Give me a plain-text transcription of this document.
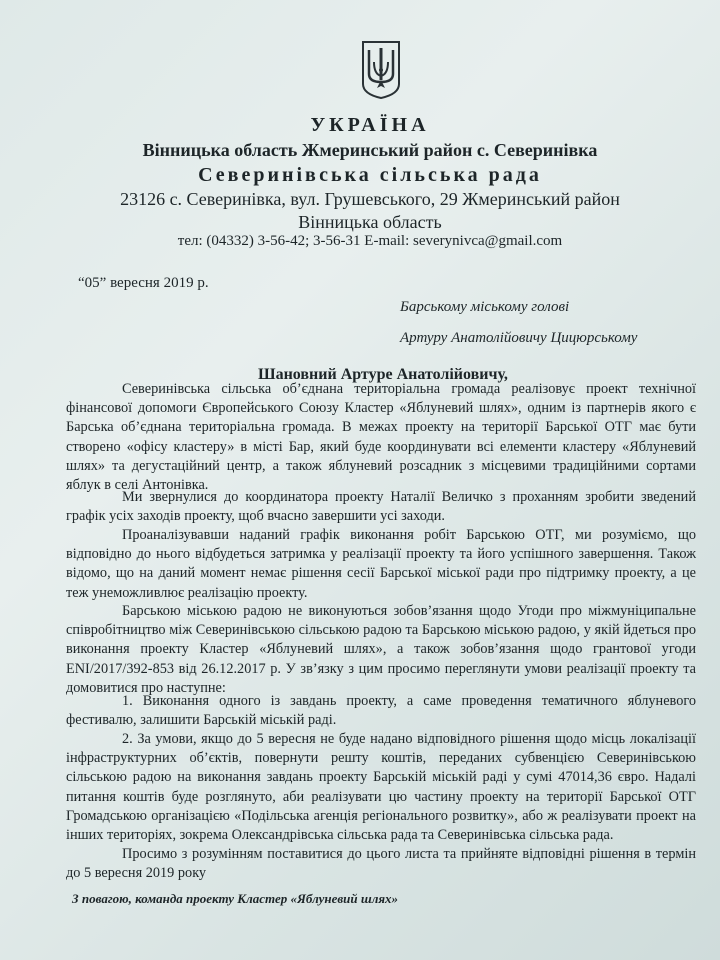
УКРАЇНА
Вінницька область Жмеринський район с. Северинівка
Северинівська сільська рада
23126 с. Северинівка, вул. Грушевського, 29 Жмеринський район
Вінницька область
тел: (04332) 3-56-42; 3-56-31 E-mail: severynivca@gmail.com
“05” вересня 2019 р.
Барському міському голові
Артуру Анатолійовичу Цицюрському
Шановний Артуре Анатолійовичу,
Северинівська сільська об’єднана територіальна громада реалізовує проект технічної фінансової допомоги Європейського Союзу Кластер «Яблуневий шлях», одним із партнерів якого є Барська об’єднана територіальна громада. В межах проекту на території Барської ОТГ має бути створено «офісу кластеру» в місті Бар, який буде координувати всі елементи кластеру «Яблуневий шлях» та дегустаційний центр, а також яблуневий розсадник з місцевими традиційними сортами яблук в селі Антонівка.
Ми звернулися до координатора проекту Наталії Величко з проханням зробити зведений графік усіх заходів проекту, щоб вчасно завершити усі заходи.
Проаналізувавши наданий графік виконання робіт Барською ОТГ, ми розуміємо, що відповідно до нього відбудеться затримка у реалізації проекту та його успішного завершення. Також відомо, що на даний момент немає рішення сесії Барської міської ради про підтримку проекту, а це теж унеможливлює реалізацію проекту.
Барською міською радою не виконуються зобов’язання щодо Угоди про міжмуніципальне співробітництво між Северинівською сільською радою та Барською міською радою, у якій йдеться про виконання проекту Кластер «Яблуневий шлях», а також зобов’язання щодо грантової угоди ENI/2017/392-853 від 26.12.2017 р. У зв’язку з цим просимо переглянути умови реалізації проекту та домовитися про наступне:
1. Виконання одного із завдань проекту, а саме проведення тематичного яблуневого фестивалю, залишити Барській міській раді.
2. За умови, якщо до 5 вересня не буде надано відповідного рішення щодо місць локалізації інфраструктурних об’єктів, повернути решту коштів, переданих субвенцією Северинівською сільською радою на виконання завдань проекту Барській міській раді у сумі 47014,36 євро. Надалі питання коштів буде розглянуто, аби реалізувати цю частину проекту на території Барської ОТГ Громадською організацією «Подільська агенція регіонального розвитку», або ж реалізувати проект на інших територіях, зокрема Олександрівська сільська рада та Северинівська сільська рада.
Просимо з розумінням поставитися до цього листа та прийняте відповідні рішення в термін до 5 вересня 2019 року
З повагою, команда проекту Кластер «Яблуневий шлях»
